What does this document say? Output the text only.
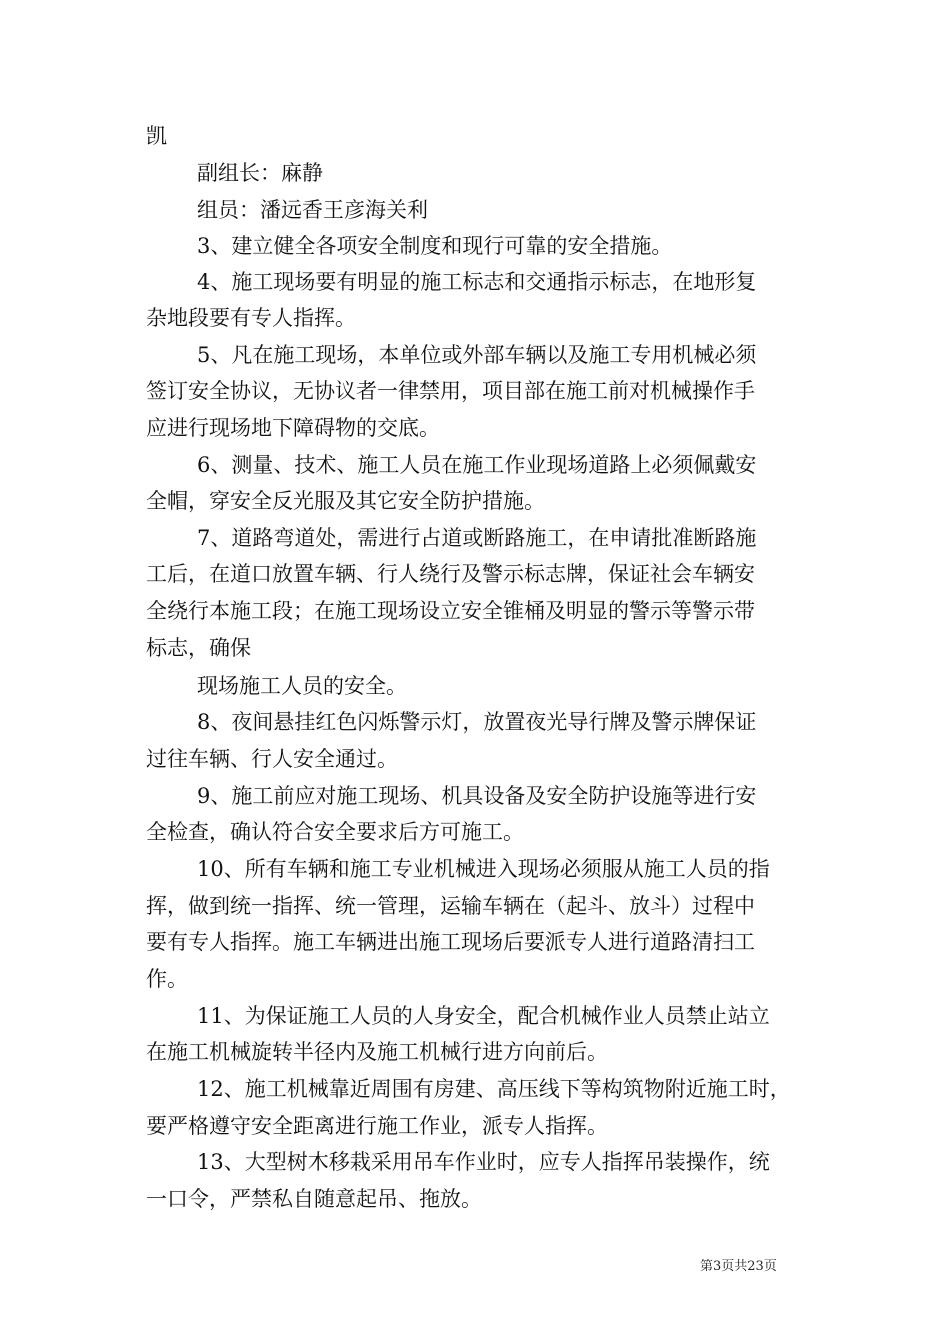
凯
副组长：麻静
组员：潘远香王彦海关利
3、建立健全各项安全制度和现行可靠的安全措施。
4、施工现场要有明显的施工标志和交通指示标志，在地形复
杂地段要有专人指挥。
5、凡在施工现场，本单位或外部车辆以及施工专用机械必须
签订安全协议，无协议者一律禁用，项目部在施工前对机械操作手
应进行现场地下障碍物的交底。
6、测量、技术、施工人员在施工作业现场道路上必须佩戴安
全帽，穿安全反光服及其它安全防护措施。
7、道路弯道处，需进行占道或断路施工，在申请批准断路施
工后，在道口放置车辆、行人绕行及警示标志牌，保证社会车辆安
全绕行本施工段；在施工现场设立安全锥桶及明显的警示等警示带
标志，确保
现场施工人员的安全。
8、夜间悬挂红色闪烁警示灯，放置夜光导行牌及警示牌保证
过往车辆、行人安全通过。
9、施工前应对施工现场、机具设备及安全防护设施等进行安
全检查，确认符合安全要求后方可施工。
10、所有车辆和施工专业机械进入现场必须服从施工人员的指
挥，做到统一指挥、统一管理，运输车辆在（起斗、放斗）过程中
要有专人指挥。施工车辆进出施工现场后要派专人进行道路清扫工
作。
11、为保证施工人员的人身安全，配合机械作业人员禁止站立
在施工机械旋转半径内及施工机械行进方向前后。
12、施工机械靠近周围有房建、高压线下等构筑物附近施工时，
要严格遵守安全距离进行施工作业，派专人指挥。
13、大型树木移栽采用吊车作业时，应专人指挥吊装操作，统
一口令，严禁私自随意起吊、拖放。
第3页共23页
